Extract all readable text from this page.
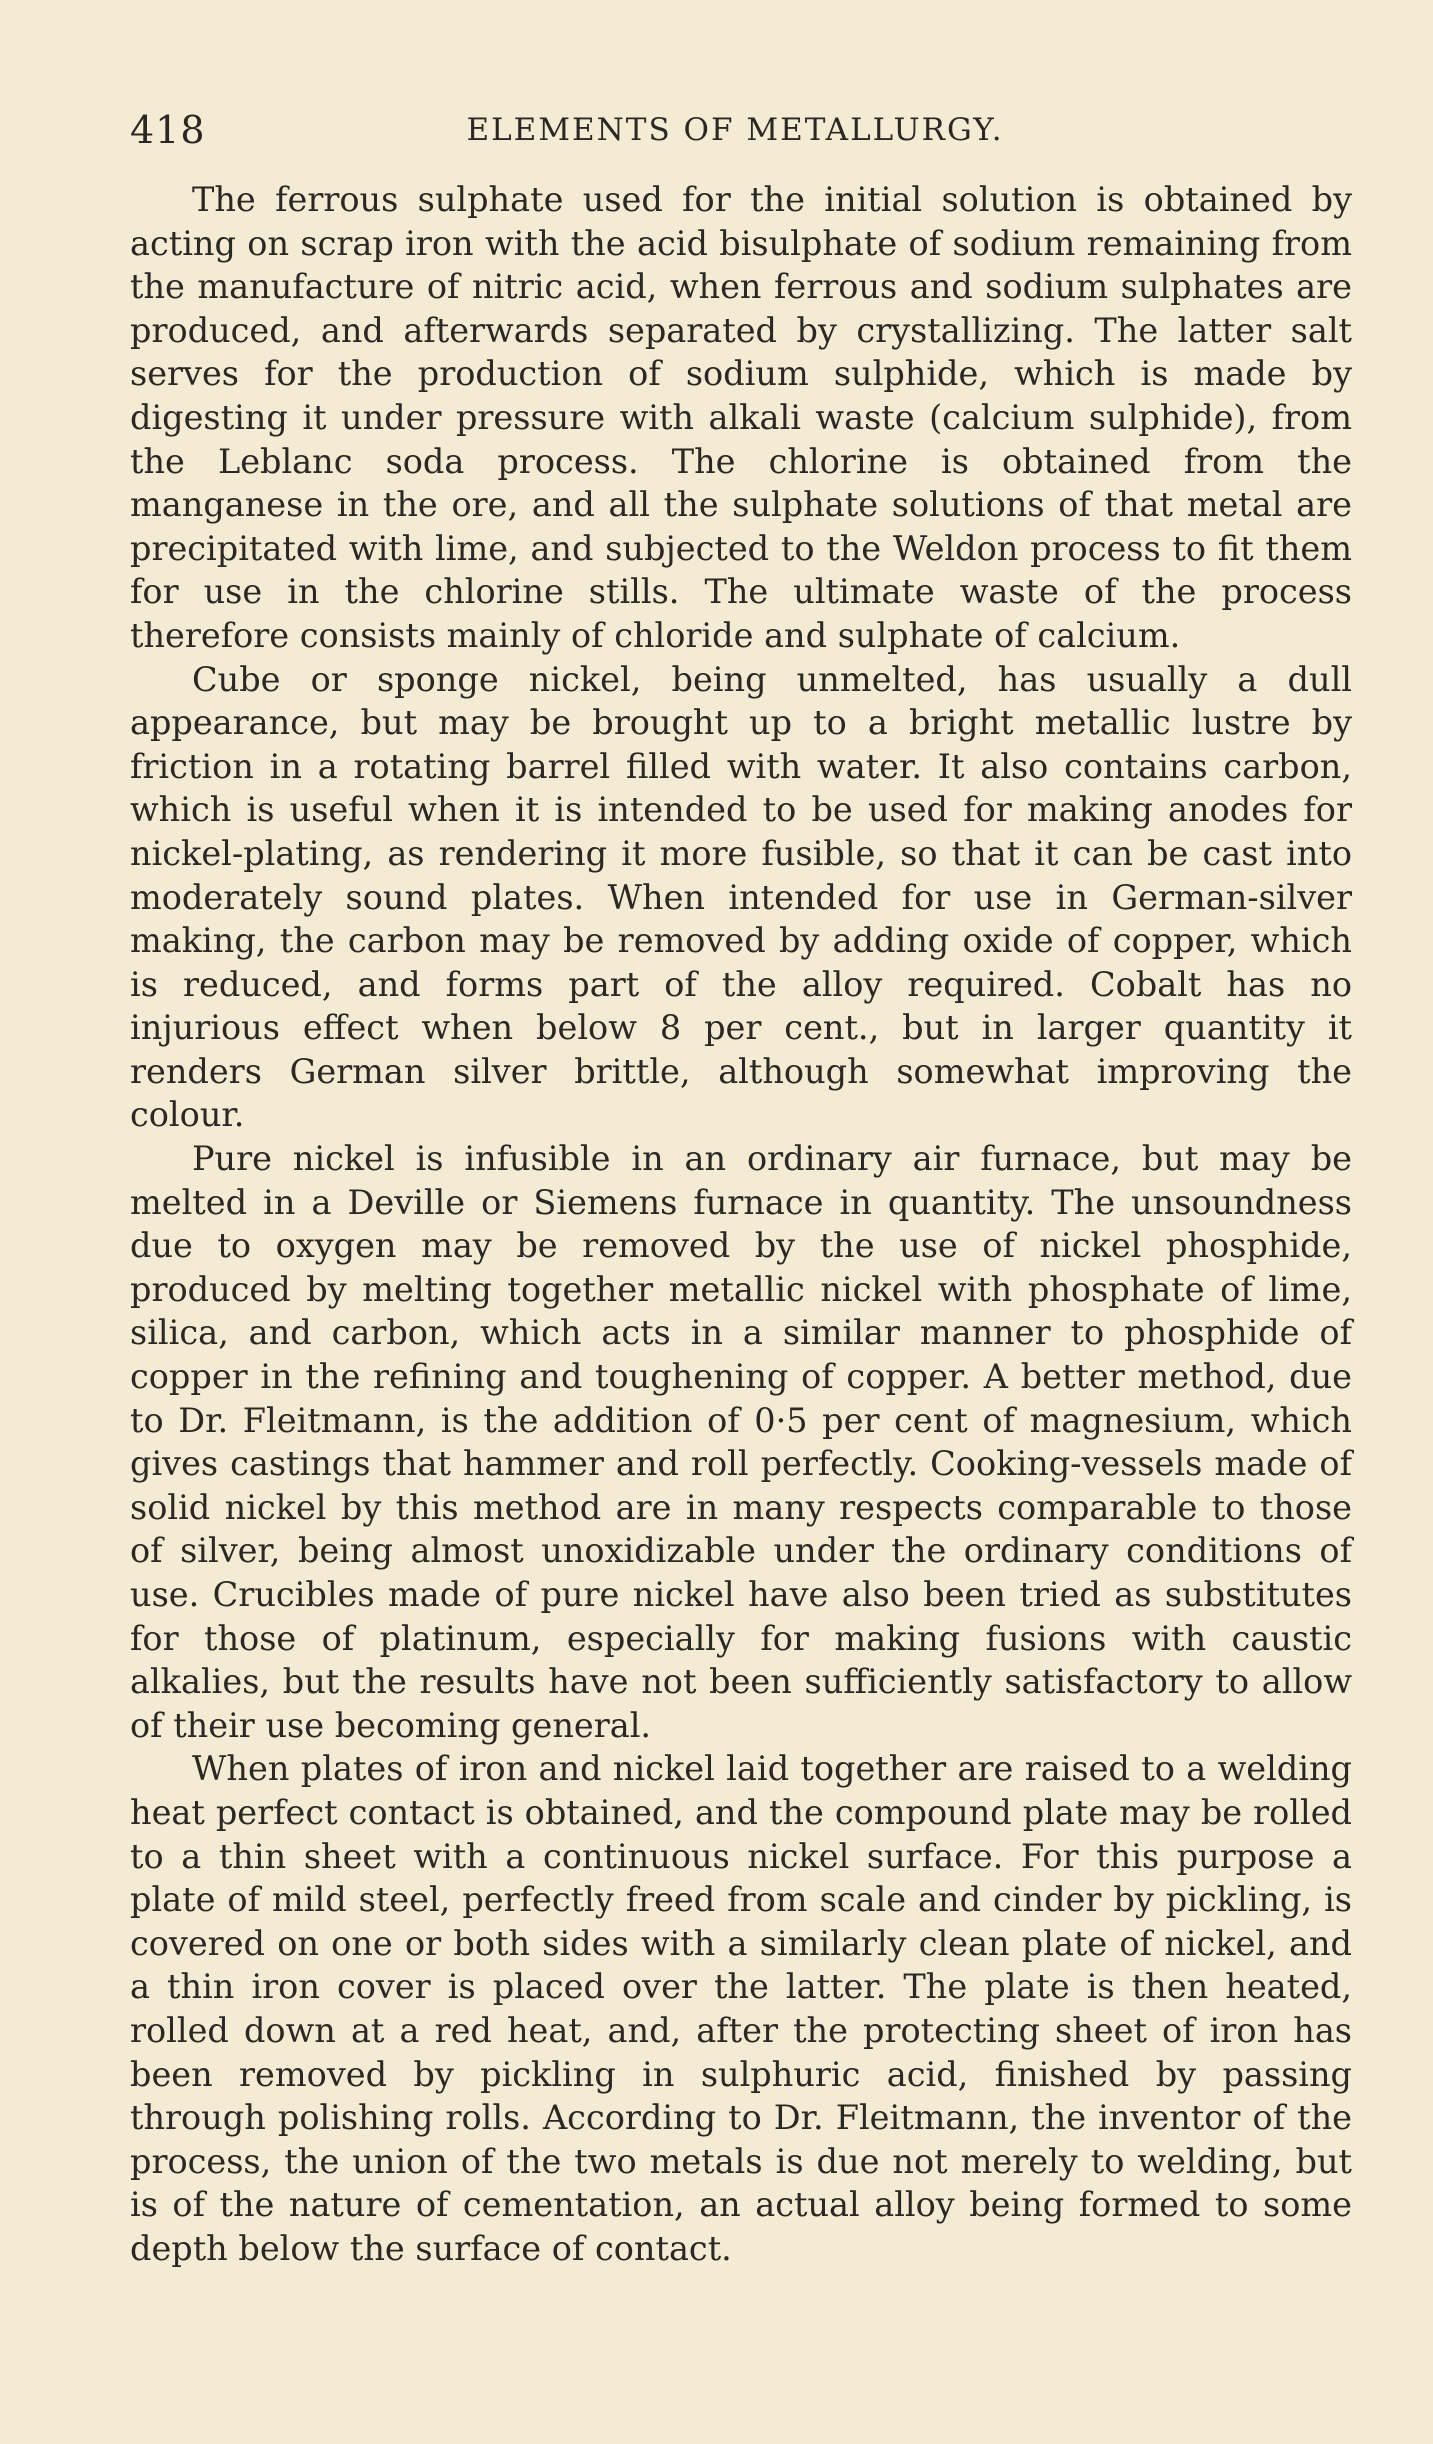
418	ELEMENTS OF METALLURGY.

The ferrous sulphate used for the initial solution is obtained by acting on scrap iron with the acid bisulphate of sodium remaining from the manufacture of nitric acid, when ferrous and sodium sulphates are produced, and afterwards separated by crystallizing. The latter salt serves for the production of sodium sulphide, which is made by digesting it under pressure with alkali waste (calcium sulphide), from the Leblanc soda process. The chlorine is obtained from the manganese in the ore, and all the sulphate solutions of that metal are precipitated with lime, and subjected to the Weldon process to fit them for use in the chlorine stills. The ultimate waste of the process therefore consists mainly of chloride and sulphate of calcium.

Cube or sponge nickel, being unmelted, has usually a dull appearance, but may be brought up to a bright metallic lustre by friction in a rotating barrel filled with water. It also contains carbon, which is useful when it is intended to be used for making anodes for nickel-plating, as rendering it more fusible, so that it can be cast into moderately sound plates. When intended for use in German-silver making, the carbon may be removed by adding oxide of copper, which is reduced, and forms part of the alloy required. Cobalt has no injurious effect when below 8 per cent., but in larger quantity it renders German silver brittle, although somewhat improving the colour.

Pure nickel is infusible in an ordinary air furnace, but may be melted in a Deville or Siemens furnace in quantity. The unsoundness due to oxygen may be removed by the use of nickel phosphide, produced by melting together metallic nickel with phosphate of lime, silica, and carbon, which acts in a similar manner to phosphide of copper in the refining and toughening of copper. A better method, due to Dr. Fleitmann, is the addition of 0·5 per cent of magnesium, which gives castings that hammer and roll perfectly. Cooking-vessels made of solid nickel by this method are in many respects comparable to those of silver, being almost unoxidizable under the ordinary conditions of use. Crucibles made of pure nickel have also been tried as substitutes for those of platinum, especially for making fusions with caustic alkalies, but the results have not been sufficiently satisfactory to allow of their use becoming general.

When plates of iron and nickel laid together are raised to a welding heat perfect contact is obtained, and the compound plate may be rolled to a thin sheet with a continuous nickel surface. For this purpose a plate of mild steel, perfectly freed from scale and cinder by pickling, is covered on one or both sides with a similarly clean plate of nickel, and a thin iron cover is placed over the latter. The plate is then heated, rolled down at a red heat, and, after the protecting sheet of iron has been removed by pickling in sulphuric acid, finished by passing through polishing rolls. According to Dr. Fleitmann, the inventor of the process, the union of the two metals is due not merely to welding, but is of the nature of cementation, an actual alloy being formed to some depth below the surface of contact.
